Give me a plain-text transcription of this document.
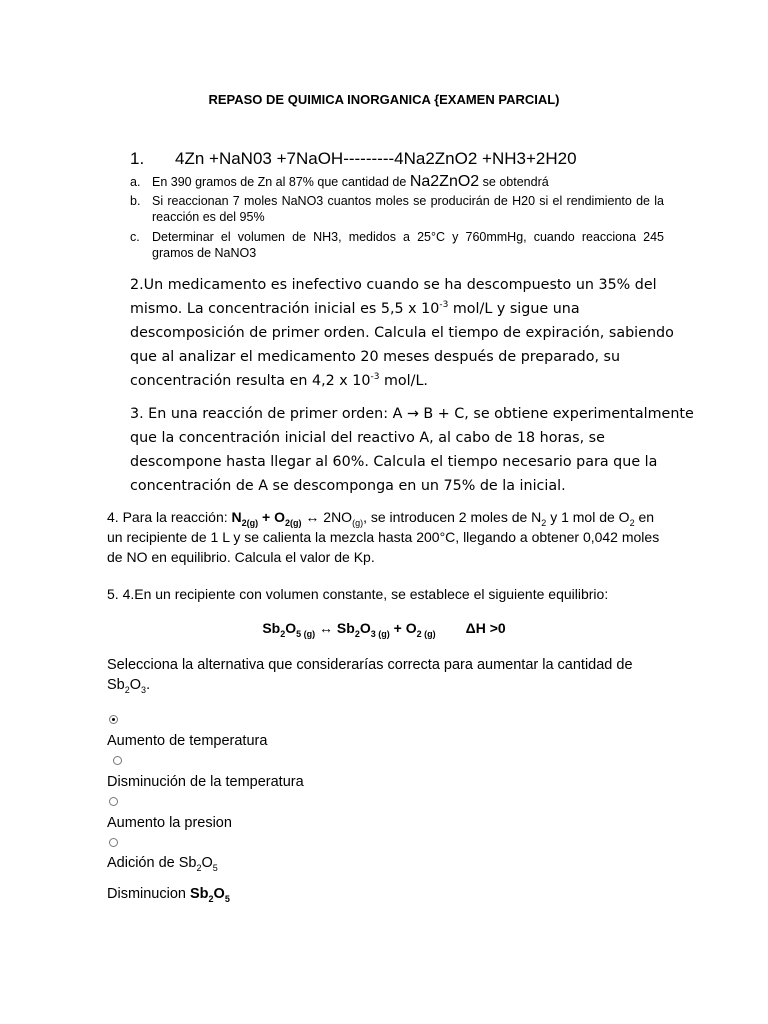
REPASO DE QUIMICA INORGANICA {EXAMEN PARCIAL)
1. 4Zn +NaN03 +7NaOH---------4Na2ZnO2 +NH3+2H20
a. En 390 gramos de Zn al 87% que cantidad de Na2ZnO2 se obtendrá
b. Si reaccionan 7 moles NaNO3 cuantos moles se producirán de H20 si el rendimiento de la reacción es del 95%
c. Determinar el volumen de NH3, medidos a 25°C y 760mmHg, cuando reacciona 245 gramos de NaNO3
2.Un medicamento es inefectivo cuando se ha descompuesto un 35% del mismo. La concentración inicial es 5,5 x $10^{-3}$ mol/L y sigue una descomposición de primer orden. Calcula el tiempo de expiración, sabiendo que al analizar el medicamento 20 meses después de preparado, su concentración resulta en 4,2 x $10^{-3}$ mol/L.
3. En una reacción de primer orden: A → B + C, se obtiene experimentalmente que la concentración inicial del reactivo A, al cabo de 18 horas, se descompone hasta llegar al 60%. Calcula el tiempo necesario para que la concentración de A se descomponga en un 75% de la inicial.
4. Para la reacción: $N_{2(g)} + O_{2(g)}$ ↔ $2NO_{(g)}$, se introducen 2 moles de $N_2$ y 1 mol de $O_2$ en un recipiente de 1 L y se calienta la mezcla hasta 200°C, llegando a obtener 0,042 moles de NO en equilibrio. Calcula el valor de Kp.
5. 4.En un recipiente con volumen constante, se establece el siguiente equilibrio:
$Sb_2O_5$ $_{(g)}$ ↔ $Sb_2O_3$ $_{(g)} + O_2$ $_{(g)}$ ΔH >0
Selecciona la alternativa que considerarías correcta para aumentar la cantidad de $Sb_2O_3$.
Aumento de temperatura
Disminución de la temperatura
Aumento la presion
Adición de $Sb_2O_5$
Disminucion $Sb_2O_5$
